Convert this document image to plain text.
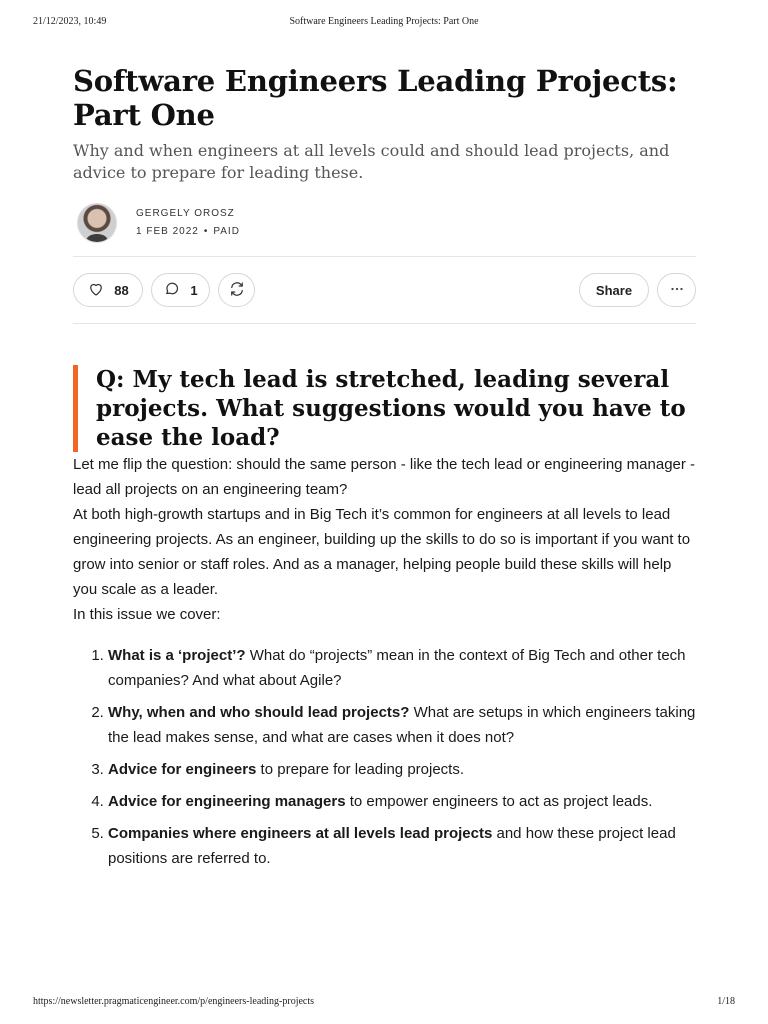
21/12/2023, 10:49	Software Engineers Leading Projects: Part One
Software Engineers Leading Projects: Part One

Why and when engineers at all levels could and should lead projects, and advice to prepare for leading these.

GERGELY OROSZ
1 FEB 2022 • PAID
88	1	Share
Q: My tech lead is stretched, leading several projects. What suggestions would you have to ease the load?

Let me flip the question: should the same person - like the tech lead or engineering manager - lead all projects on an engineering team?

At both high-growth startups and in Big Tech it’s common for engineers at all levels to lead engineering projects. As an engineer, building up the skills to do so is important if you want to grow into senior or staff roles. And as a manager, helping people build these skills will help you scale as a leader.

In this issue we cover:

1. What is a ‘project’? What do “projects” mean in the context of Big Tech and other tech companies? And what about Agile?
2. Why, when and who should lead projects? What are setups in which engineers taking the lead makes sense, and what are cases when it does not?
3. Advice for engineers to prepare for leading projects.
4. Advice for engineering managers to empower engineers to act as project leads.
5. Companies where engineers at all levels lead projects and how these project lead positions are referred to.
https://newsletter.pragmaticengineer.com/p/engineers-leading-projects	1/18
